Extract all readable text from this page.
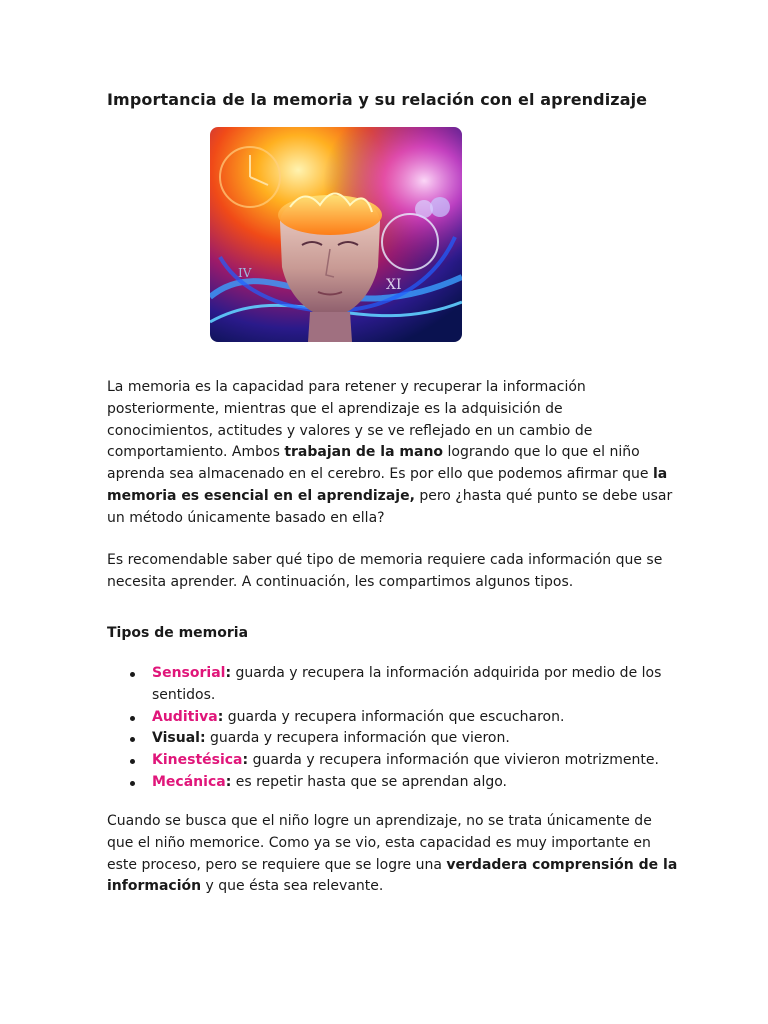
Importancia de la memoria y su relación con el aprendizaje
XI
IV

La memoria es la capacidad para retener y recuperar la información
posteriormente, mientras que el aprendizaje es la adquisición de
conocimientos, actitudes y valores y se ve reflejado en un cambio de
comportamiento. Ambos trabajan de la mano logrando que lo que el niño
aprenda sea almacenado en el cerebro. Es por ello que podemos afirmar que la
memoria es esencial en el aprendizaje, pero ¿hasta qué punto se debe usar
un método únicamente basado en ella?

Es recomendable saber qué tipo de memoria requiere cada información que se
necesita aprender. A continuación, les compartimos algunos tipos.

Tipos de memoria
Sensorial: guarda y recupera la información adquirida por medio de los
sentidos.
Auditiva: guarda y recupera información que escucharon.
Visual: guarda y recupera información que vieron.
Kinestésica: guarda y recupera información que vivieron motrizmente.
Mecánica: es repetir hasta que se aprendan algo.

Cuando se busca que el niño logre un aprendizaje, no se trata únicamente de
que el niño memorice. Como ya se vio, esta capacidad es muy importante en
este proceso, pero se requiere que se logre una verdadera comprensión de la
información y que ésta sea relevante.
